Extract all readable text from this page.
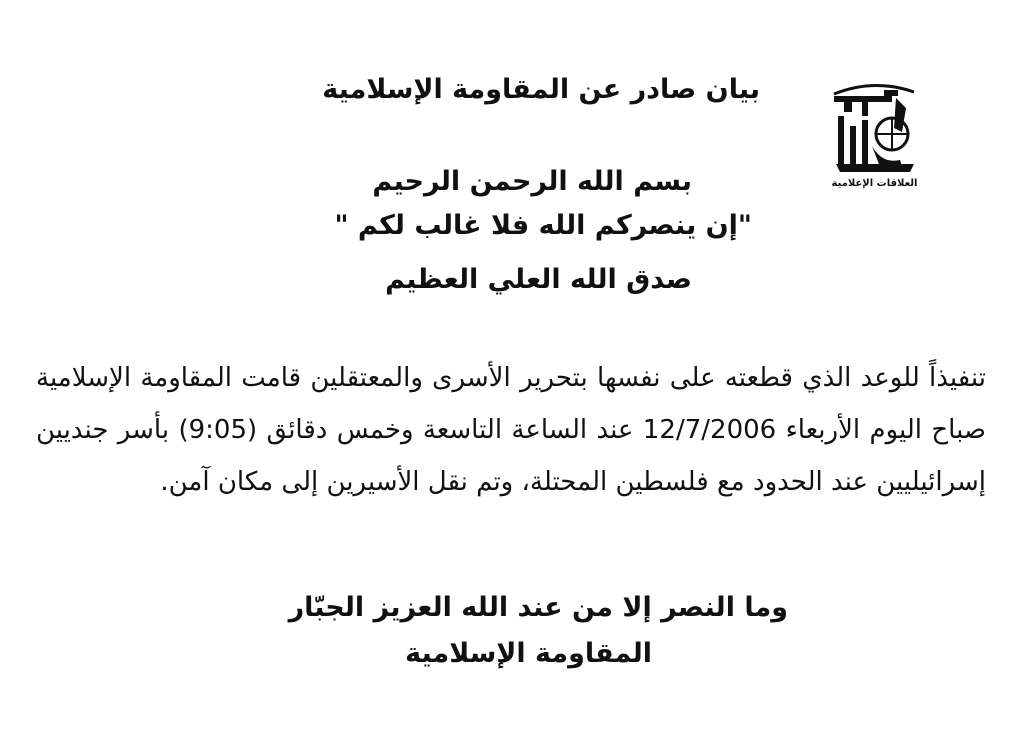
العلاقات الإعلامية
بيان صادر عن المقاومة الإسلامية
بسم الله الرحمن الرحيم
"إن ينصركم الله فلا غالب لكم "
صدق الله العلي العظيم
تنفيذاً للوعد الذي قطعته على نفسها بتحرير الأسرى والمعتقلين قامت المقاومة الإسلامية صباح اليوم الأربعاء 12/7/2006 عند الساعة التاسعة وخمس دقائق (9:05) بأسر جنديين إسرائيليين عند الحدود مع فلسطين المحتلة، وتم نقل الأسيرين إلى مكان آمن.
وما النصر إلا من عند الله العزيز الجبّار
المقاومة الإسلامية
